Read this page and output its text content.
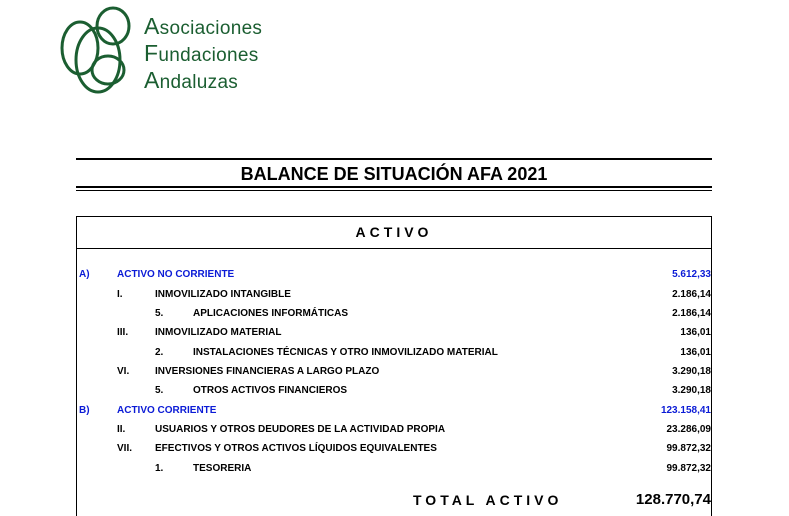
Asociaciones
Fundaciones
Andaluzas
BALANCE DE SITUACIÓN AFA 2021
ACTIVO
A)	ACTIVO NO CORRIENTE	5.612,33
I.	INMOVILIZADO INTANGIBLE	2.186,14
5.	APLICACIONES INFORMÁTICAS	2.186,14
III.	INMOVILIZADO MATERIAL	136,01
2.	INSTALACIONES TÉCNICAS Y OTRO INMOVILIZADO MATERIAL	136,01
VI.	INVERSIONES FINANCIERAS A LARGO PLAZO	3.290,18
5.	OTROS ACTIVOS FINANCIEROS	3.290,18
B)	ACTIVO CORRIENTE	123.158,41
II.	USUARIOS Y OTROS DEUDORES DE LA ACTIVIDAD PROPIA	23.286,09
VII. EFECTIVOS Y OTROS ACTIVOS LÍQUIDOS EQUIVALENTES	99.872,32
1.	TESORERIA	99.872,32
TOTAL ACTIVO	128.770,74
